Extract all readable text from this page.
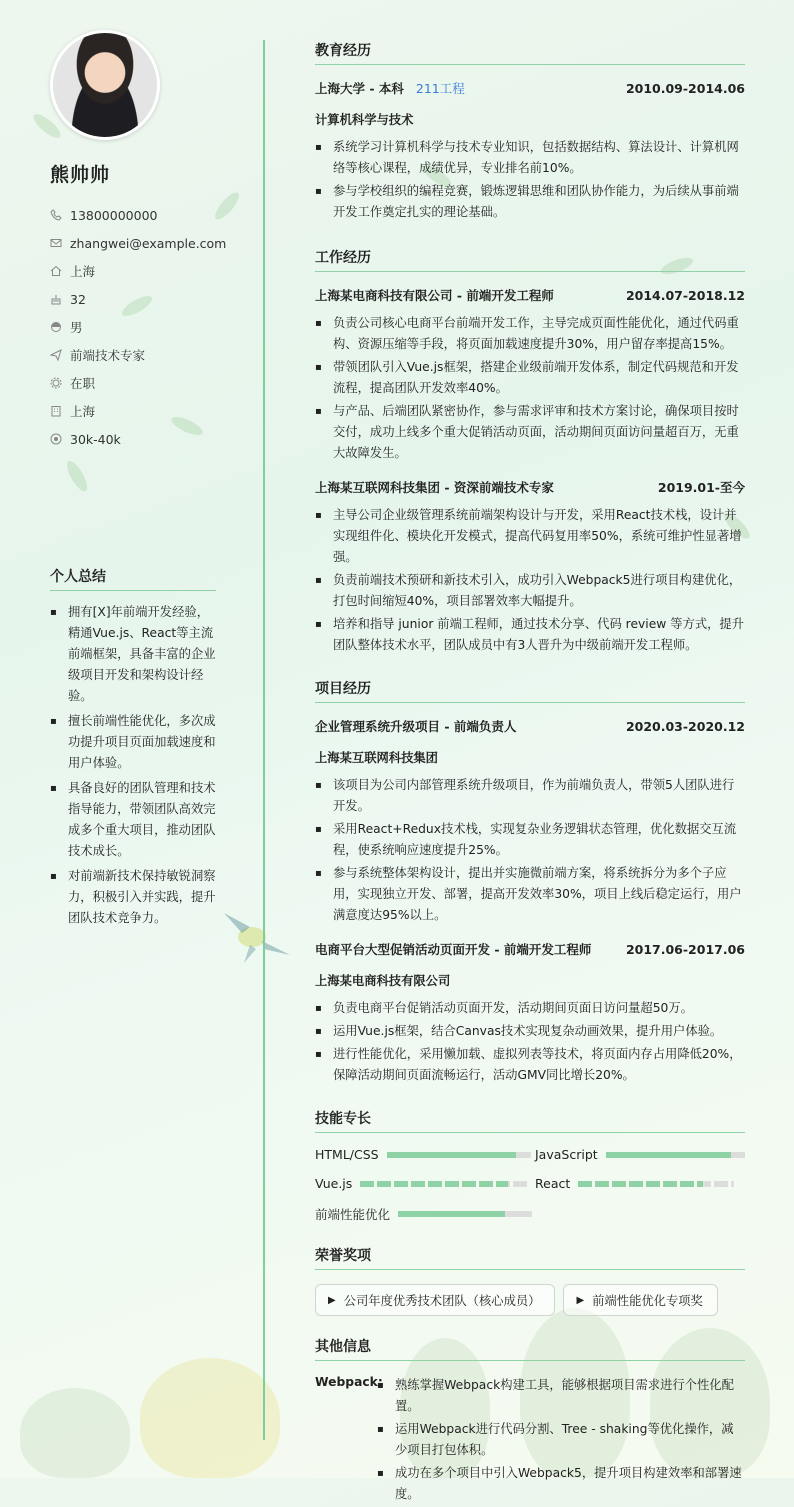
熊帅帅
13800000000
zhangwei@example.com
上海
32
男
前端技术专家
在职
上海
30k-40k
个人总结
▪ 拥有[X]年前端开发经验，精通Vue.js、React等主流前端框架，具备丰富的企业级项目开发和架构设计经验。
▪ 擅长前端性能优化，多次成功提升项目页面加载速度和用户体验。
▪ 具备良好的团队管理和技术指导能力，带领团队高效完成多个重大项目，推动团队技术成长。
▪ 对前端新技术保持敏锐洞察力，积极引入并实践，提升团队技术竞争力。
教育经历
上海大学 - 本科 211工程	2010.09-2014.06
计算机科学与技术
▪ 系统学习计算机科学与技术专业知识，包括数据结构、算法设计、计算机网络等核心课程，成绩优异，专业排名前10%。
▪ 参与学校组织的编程竞赛，锻炼逻辑思维和团队协作能力，为后续从事前端开发工作奠定扎实的理论基础。
工作经历
上海某电商科技有限公司 - 前端开发工程师	2014.07-2018.12
▪ 负责公司核心电商平台前端开发工作，主导完成页面性能优化，通过代码重构、资源压缩等手段，将页面加载速度提升30%，用户留存率提高15%。
▪ 带领团队引入Vue.js框架，搭建企业级前端开发体系，制定代码规范和开发流程，提高团队开发效率40%。
▪ 与产品、后端团队紧密协作，参与需求评审和技术方案讨论，确保项目按时交付，成功上线多个重大促销活动页面，活动期间页面访问量超百万，无重大故障发生。
上海某互联网科技集团 - 资深前端技术专家	2019.01-至今
▪ 主导公司企业级管理系统前端架构设计与开发，采用React技术栈，设计并实现组件化、模块化开发模式，提高代码复用率50%，系统可维护性显著增强。
▪ 负责前端技术预研和新技术引入，成功引入Webpack5进行项目构建优化，打包时间缩短40%，项目部署效率大幅提升。
▪ 培养和指导 junior 前端工程师，通过技术分享、代码 review 等方式，提升团队整体技术水平，团队成员中有3人晋升为中级前端开发工程师。
项目经历
企业管理系统升级项目 - 前端负责人	2020.03-2020.12
上海某互联网科技集团
▪ 该项目为公司内部管理系统升级项目，作为前端负责人，带领5人团队进行开发。
▪ 采用React+Redux技术栈，实现复杂业务逻辑状态管理，优化数据交互流程，使系统响应速度提升25%。
▪ 参与系统整体架构设计，提出并实施微前端方案，将系统拆分为多个子应用，实现独立开发、部署，提高开发效率30%，项目上线后稳定运行，用户满意度达95%以上。
电商平台大型促销活动页面开发 - 前端开发工程师	2017.06-2017.06
上海某电商科技有限公司
▪ 负责电商平台促销活动页面开发，活动期间页面日访问量超50万。
▪ 运用Vue.js框架，结合Canvas技术实现复杂动画效果，提升用户体验。
▪ 进行性能优化，采用懒加载、虚拟列表等技术，将页面内存占用降低20%，保障活动期间页面流畅运行，活动GMV同比增长20%。
技能专长
HTML/CSS	JavaScript
Vue.js	React
前端性能优化
荣誉奖项
▶ 公司年度优秀技术团队（核心成员）	▶ 前端性能优化专项奖
其他信息
Webpack:
▪ 熟练掌握Webpack构建工具，能够根据项目需求进行个性化配置。
▪ 运用Webpack进行代码分割、Tree - shaking等优化操作，减少项目打包体积。
▪ 成功在多个项目中引入Webpack5，提升项目构建效率和部署速度。
